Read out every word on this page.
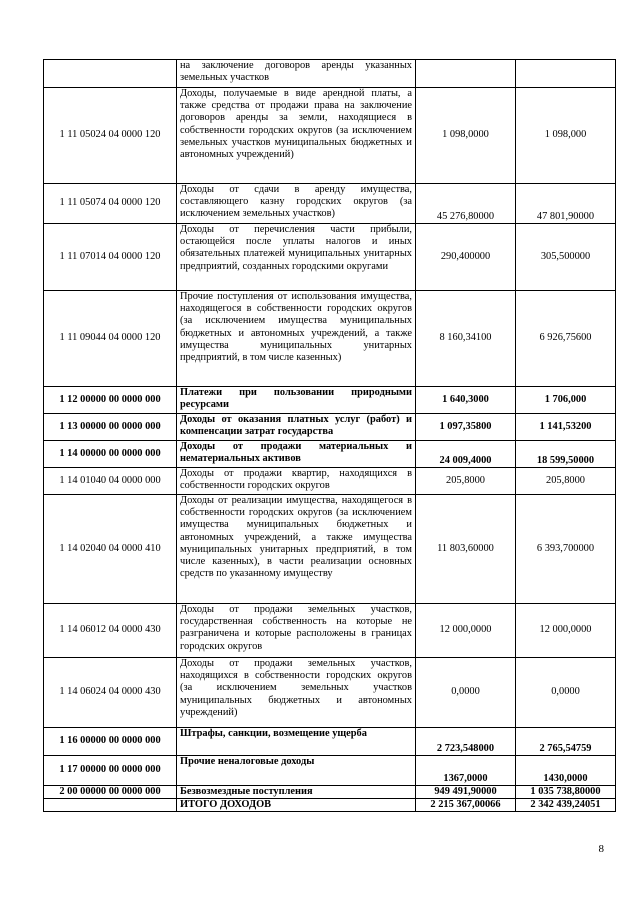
	на заключение договоров аренды указанных земельных участков		
1 11 05024 04 0000 120	Доходы, получаемые в виде арендной платы, а также средства от продажи права на заключение договоров аренды за земли, находящиеся в собственности городских округов (за исключением земельных участков муниципальных бюджетных и автономных учреждений)	1 098,0000	1 098,000
1 11 05074 04 0000 120	Доходы от сдачи в аренду имущества, составляющего казну городских округов (за исключением земельных участков)	45 276,80000	47 801,90000
1 11 07014 04 0000 120	Доходы от перечисления части прибыли, остающейся после уплаты налогов и иных обязательных платежей муниципальных унитарных предприятий, созданных городскими округами	290,400000	305,500000
1 11 09044 04 0000 120	Прочие поступления от использования имущества, находящегося в собственности городских округов (за исключением имущества муниципальных бюджетных и автономных учреждений, а также имущества муниципальных унитарных предприятий, в том числе казенных)	8 160,34100	6 926,75600
1 12 00000 00 0000 000	Платежи при пользовании природными ресурсами	1 640,3000	1 706,000
1 13 00000 00 0000 000	Доходы от оказания платных услуг (работ) и компенсации затрат государства	1 097,35800	1 141,53200
1 14 00000 00 0000 000	Доходы от продажи материальных и нематериальных активов	24 009,4000	18 599,50000
1 14 01040 04 0000 000	Доходы от продажи квартир, находящихся в собственности городских округов	205,8000	205,8000
1 14 02040 04 0000 410	Доходы от реализации имущества, находящегося в собственности городских округов (за исключением имущества муниципальных бюджетных и автономных учреждений, а также имущества муниципальных унитарных предприятий, в том числе казенных), в части реализации основных средств по указанному имуществу	11 803,60000	6 393,700000
1 14 06012 04 0000 430	Доходы от продажи земельных участков, государственная собственность на которые не разграничена и которые расположены в границах городских округов	12 000,0000	12 000,0000
1 14 06024 04 0000 430	Доходы от продажи земельных участков, находящихся в собственности городских округов (за исключением земельных участков муниципальных бюджетных и автономных учреждений)	0,0000	0,0000
1 16 00000 00 0000 000	Штрафы, санкции, возмещение ущерба	2 723,548000	2 765,54759
1 17 00000 00 0000 000	Прочие неналоговые доходы	1367,0000	1430,0000
2 00 00000 00 0000 000	Безвозмездные поступления	949 491,90000	1 035 738,80000
	ИТОГО ДОХОДОВ	2 215 367,00066	2 342 439,24051
8
